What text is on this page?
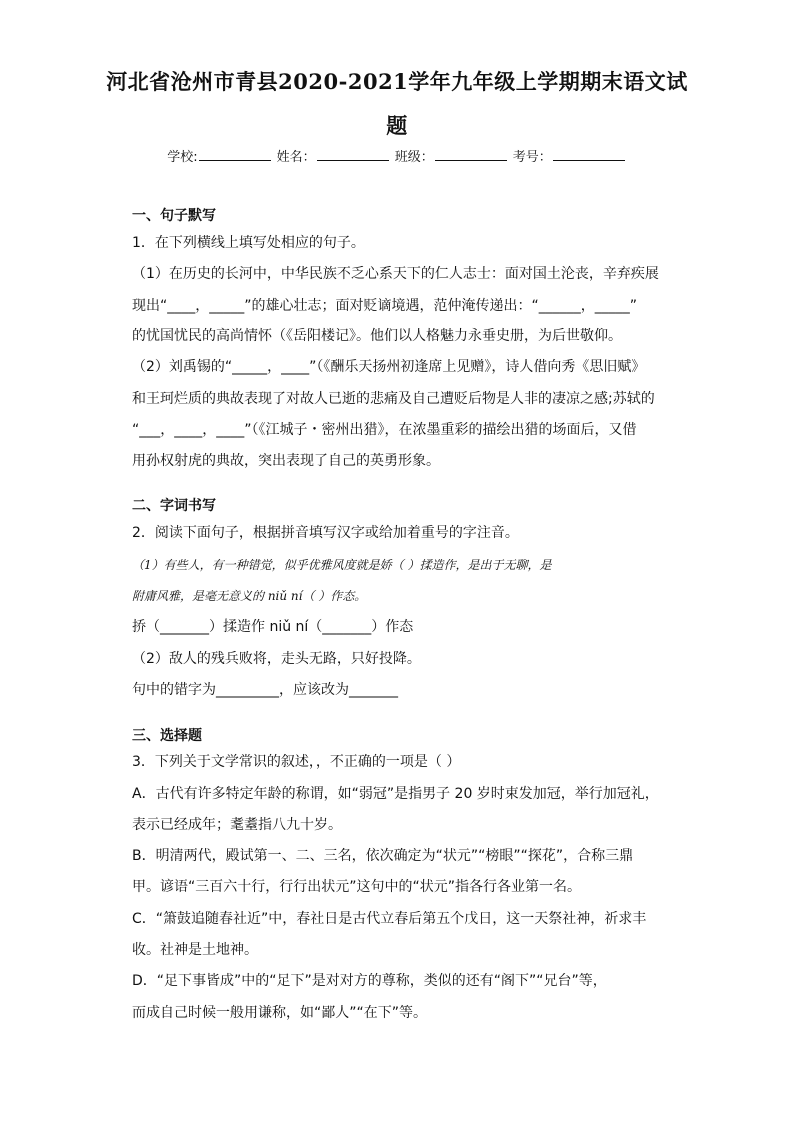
河北省沧州市青县2020-2021学年九年级上学期期末语文试
题
学校:	姓名：	班级：	考号：
一、句子默写
1．在下列横线上填写处相应的句子。
（1）在历史的长河中，中华民族不乏心系天下的仁人志士：面对国土沦丧，辛弃疾展
现出“____，_____”的雄心壮志；面对贬谪境遇，范仲淹传递出：“______，_____”
的忧国忧民的高尚情怀（《岳阳楼记》。他们以人格魅力永垂史册，为后世敬仰。
（2）刘禹锡的“_____，____”（《酬乐天扬州初逢席上见赠》，诗人借向秀《思旧赋》
和王珂烂质的典故表现了对故人已逝的悲痛及自己遭贬后物是人非的凄凉之感;苏轼的
“___，____，____”（《江城子・密州出猎》，在浓墨重彩的描绘出猎的场面后，又借
用孙权射虎的典故，突出表现了自己的英勇形象。
二、字词书写
2．阅读下面句子，根据拼音填写汉字或给加着重号的字注音。
（1）有些人，有一种错觉，似乎优雅风度就是娇（ ）揉造作，是出于无聊，是
附庸风雅，是毫无意义的 niǔ ní（ ）作态。
挢（_______）揉造作 niǔ ní（_______）作态
（2）敌人的残兵败将，走头无路，只好投降。
句中的错字为_________，应该改为_______
三、选择题
3．下列关于文学常识的叙述，，不正确的一项是（ ）
A．古代有许多特定年龄的称谓，如“弱冠”是指男子 20 岁时束发加冠，举行加冠礼，
表示已经成年；耄耋指八九十岁。
B．明清两代，殿试第一、二、三名，依次确定为“状元”“榜眼”“探花”，合称三鼎
甲。谚语“三百六十行，行行出状元”这句中的“状元”指各行各业第一名。
C．“箫鼓追随春社近”中，春社日是古代立春后第五个戊日，这一天祭社神，祈求丰
收。社神是土地神。
D．“足下事皆成”中的“足下”是对对方的尊称，类似的还有“阁下”“兄台”等，
而成自己时候一般用谦称，如“鄙人”“在下”等。
